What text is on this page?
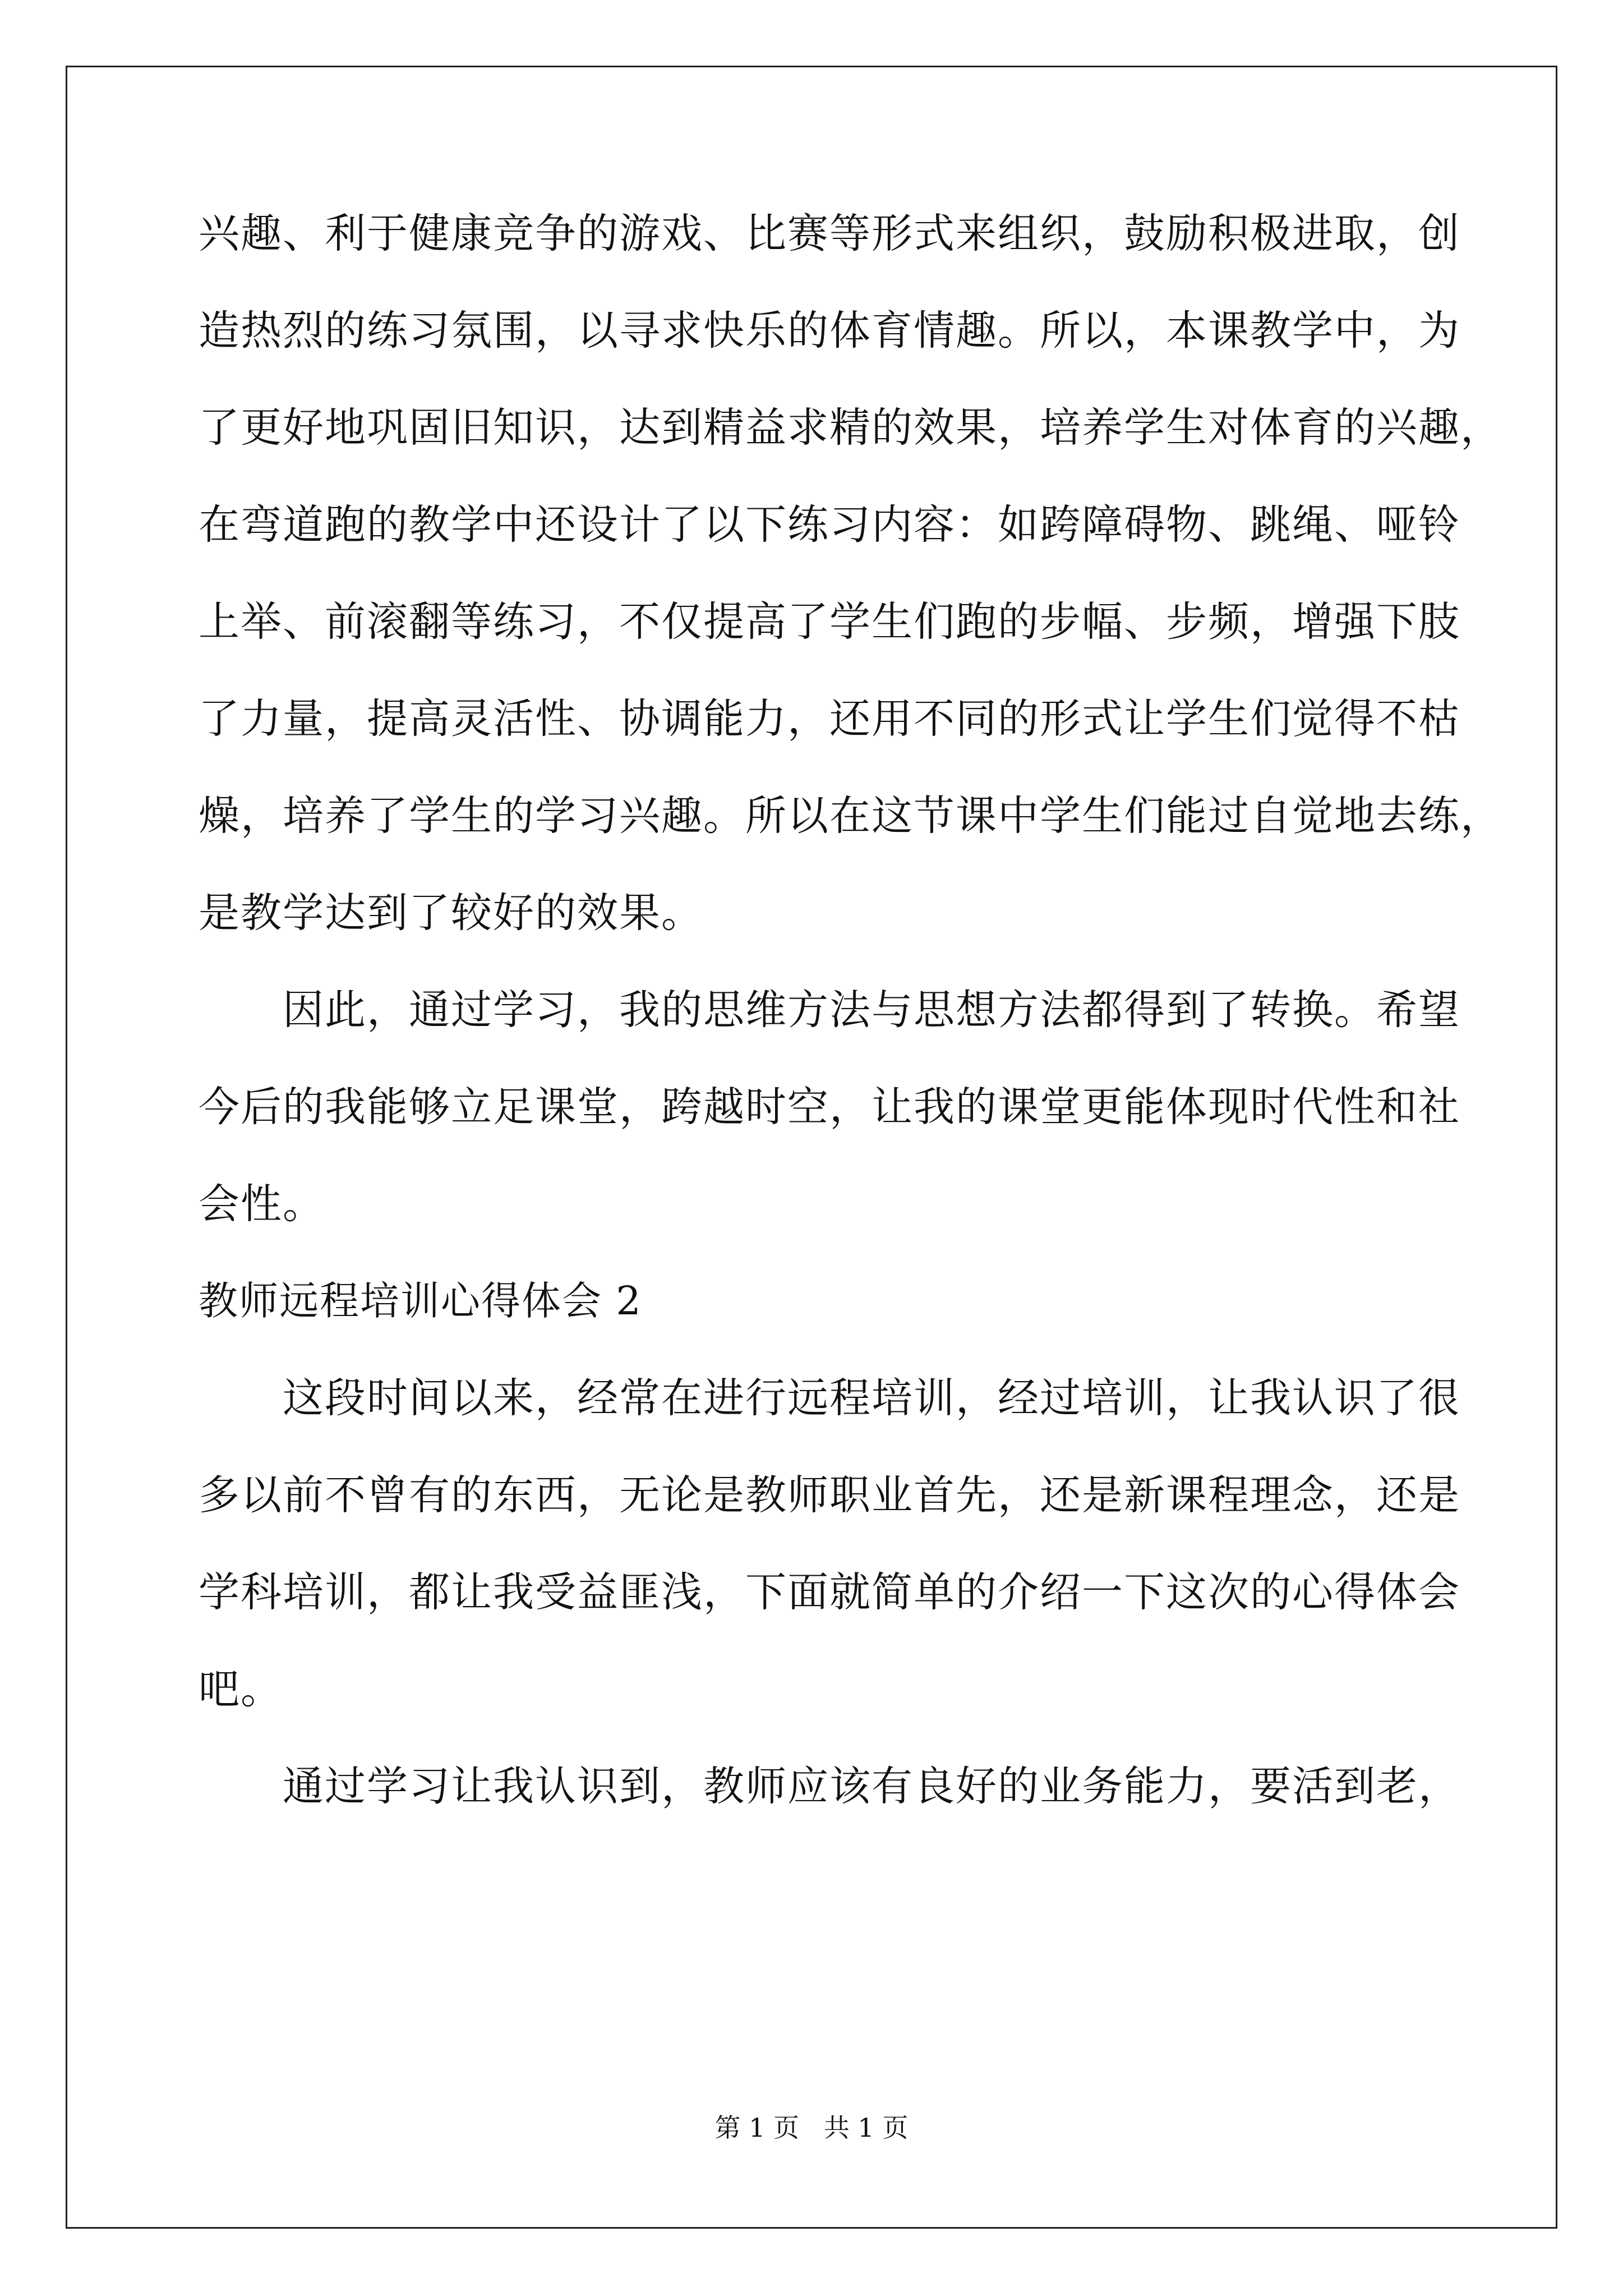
兴趣、利于健康竞争的游戏、比赛等形式来组织，鼓励积极进取，创
造热烈的练习氛围，以寻求快乐的体育情趣。所以，本课教学中，为
了更好地巩固旧知识，达到精益求精的效果，培养学生对体育的兴趣，
在弯道跑的教学中还设计了以下练习内容：如跨障碍物、跳绳、哑铃
上举、前滚翻等练习，不仅提高了学生们跑的步幅、步频，增强下肢
了力量，提高灵活性、协调能力，还用不同的形式让学生们觉得不枯
燥，培养了学生的学习兴趣。所以在这节课中学生们能过自觉地去练，
是教学达到了较好的效果。
　　因此，通过学习，我的思维方法与思想方法都得到了转换。希望
今后的我能够立足课堂，跨越时空，让我的课堂更能体现时代性和社
会性。
教师远程培训心得体会 2
　　这段时间以来，经常在进行远程培训，经过培训，让我认识了很
多以前不曾有的东西，无论是教师职业首先，还是新课程理念，还是
学科培训，都让我受益匪浅，下面就简单的介绍一下这次的心得体会
吧。
　　通过学习让我认识到，教师应该有良好的业务能力，要活到老，
第 1 页   共 1 页
